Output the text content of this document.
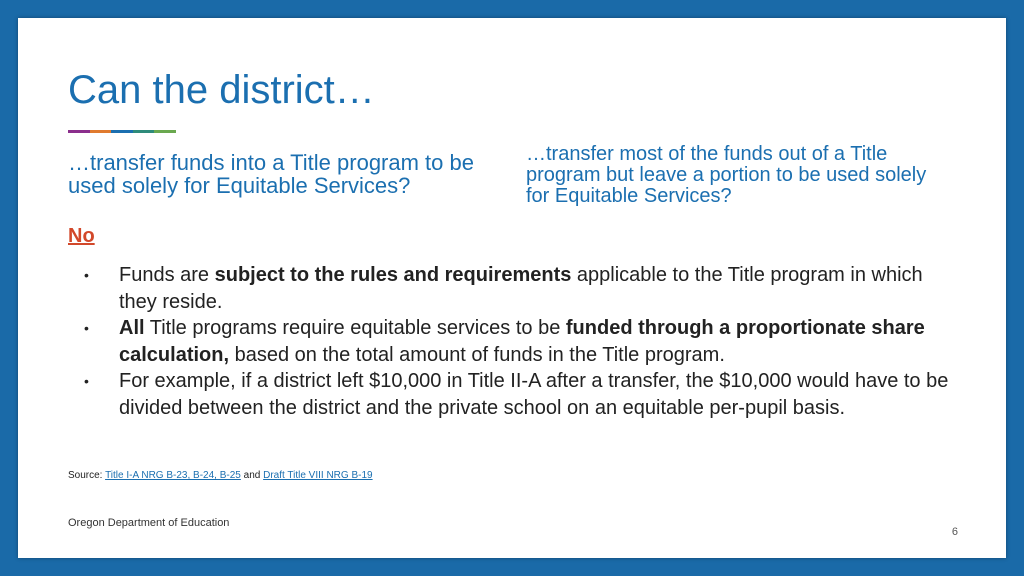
Can the district…
…transfer funds into a Title program to be used solely for Equitable Services?
…transfer most of the funds out of a Title program but leave a portion to be used solely for Equitable Services?
No
• Funds are subject to the rules and requirements applicable to the Title program in which they reside.
• All Title programs require equitable services to be funded through a proportionate share calculation, based on the total amount of funds in the Title program.
• For example, if a district left $10,000 in Title II-A after a transfer, the $10,000 would have to be divided between the district and the private school on an equitable per-pupil basis.
Source: Title I-A NRG B-23, B-24, B-25 and Draft Title VIII NRG B-19
Oregon Department of Education
6
